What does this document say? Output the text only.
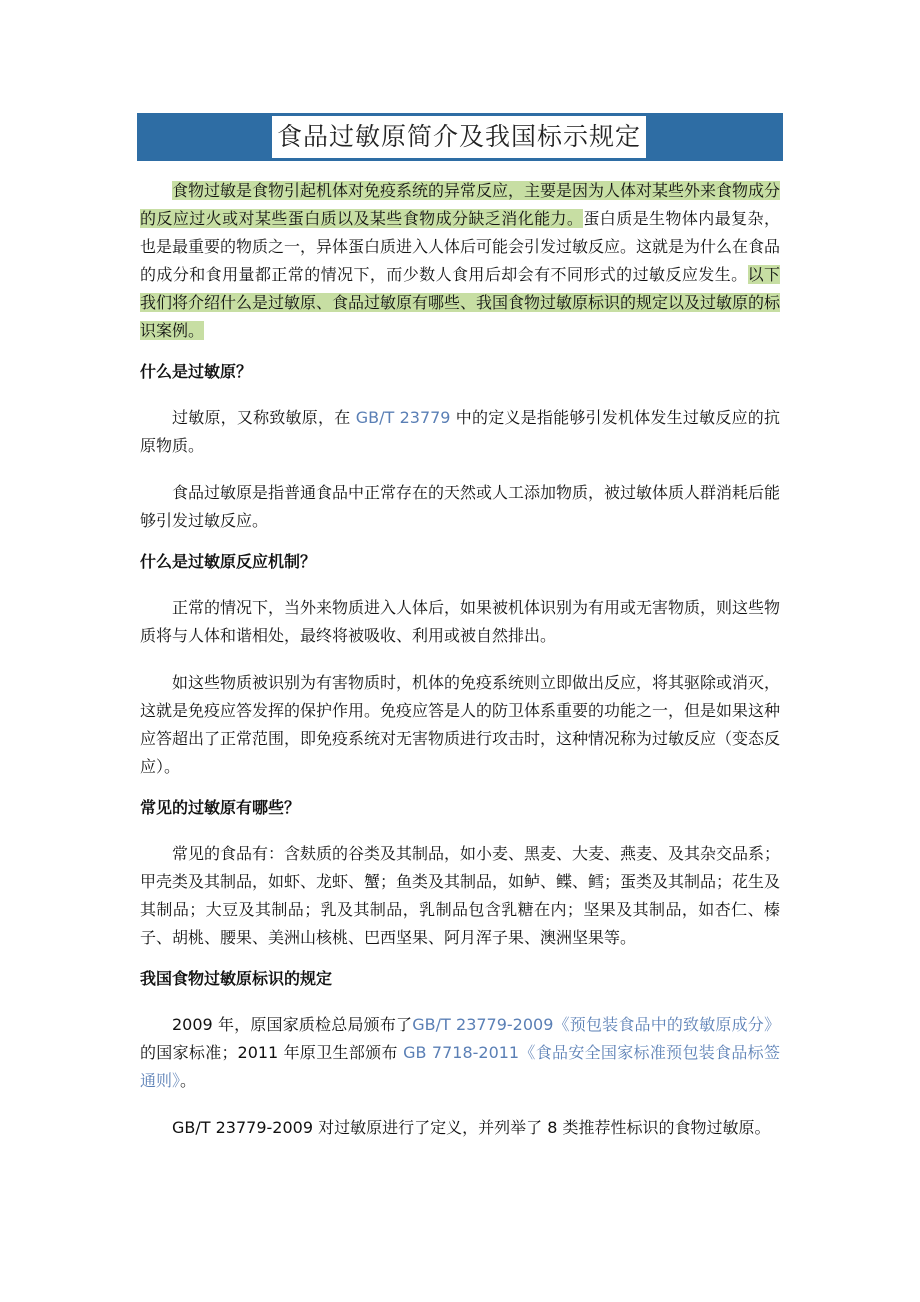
食品过敏原简介及我国标示规定

食物过敏是食物引起机体对免疫系统的异常反应，主要是因为人体对某些外来食物成分的反应过火或对某些蛋白质以及某些食物成分缺乏消化能力。蛋白质是生物体内最复杂，也是最重要的物质之一，异体蛋白质进入人体后可能会引发过敏反应。这就是为什么在食品的成分和食用量都正常的情况下，而少数人食用后却会有不同形式的过敏反应发生。以下我们将介绍什么是过敏原、食品过敏原有哪些、我国食物过敏原标识的规定以及过敏原的标识案例。

什么是过敏原？

过敏原，又称致敏原，在 GB/T 23779 中的定义是指能够引发机体发生过敏反应的抗原物质。

食品过敏原是指普通食品中正常存在的天然或人工添加物质，被过敏体质人群消耗后能够引发过敏反应。

什么是过敏原反应机制？

正常的情况下，当外来物质进入人体后，如果被机体识别为有用或无害物质，则这些物质将与人体和谐相处，最终将被吸收、利用或被自然排出。

如这些物质被识别为有害物质时，机体的免疫系统则立即做出反应，将其驱除或消灭，这就是免疫应答发挥的保护作用。免疫应答是人的防卫体系重要的功能之一，但是如果这种应答超出了正常范围，即免疫系统对无害物质进行攻击时，这种情况称为过敏反应（变态反应）。

常见的过敏原有哪些？

常见的食品有：含麸质的谷类及其制品，如小麦、黑麦、大麦、燕麦、及其杂交品系；甲壳类及其制品，如虾、龙虾、蟹；鱼类及其制品，如鲈、鲽、鳕；蛋类及其制品；花生及其制品；大豆及其制品；乳及其制品，乳制品包含乳糖在内；坚果及其制品，如杏仁、榛子、胡桃、腰果、美洲山核桃、巴西坚果、阿月浑子果、澳洲坚果等。

我国食物过敏原标识的规定

2009 年，原国家质检总局颁布了GB/T 23779-2009《预包装食品中的致敏原成分》的国家标准；2011 年原卫生部颁布 GB 7718-2011《食品安全国家标准预包装食品标签通则》。

GB/T 23779-2009 对过敏原进行了定义，并列举了 8 类推荐性标识的食物过敏原。
